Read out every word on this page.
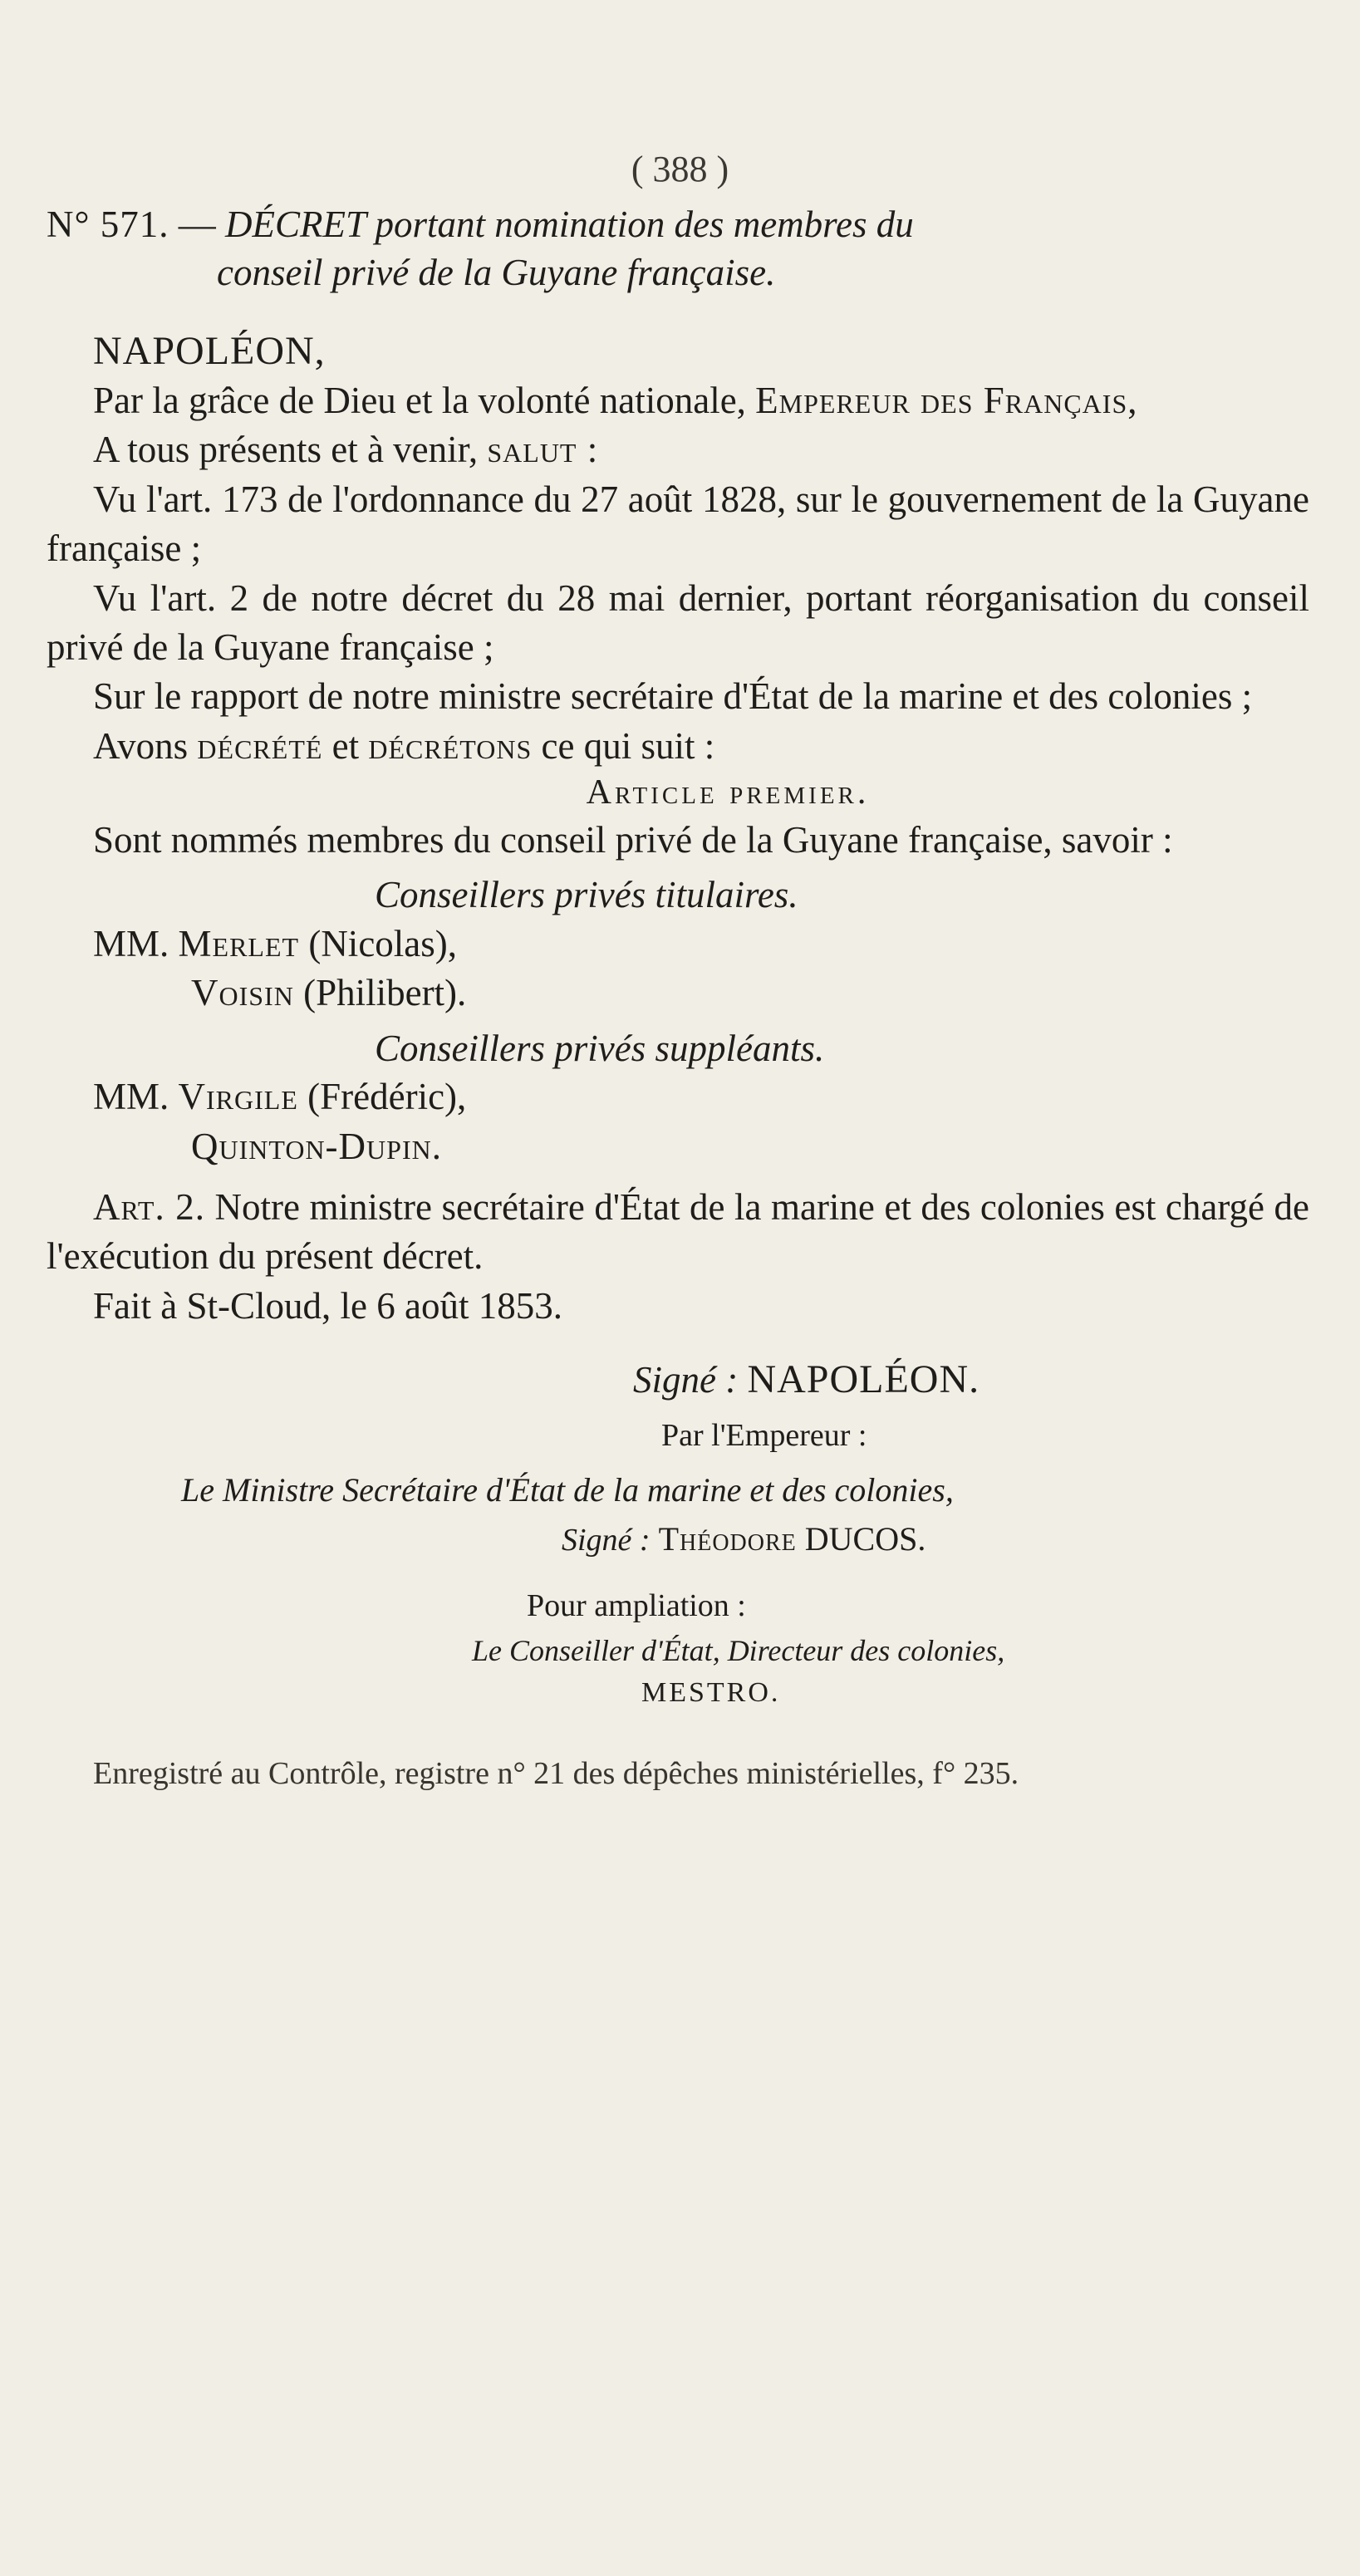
( 388 )
N° 571. — DÉCRET portant nomination des membres du
conseil privé de la Guyane française.
NAPOLÉON,

Par la grâce de Dieu et la volonté nationale, Empereur des Français,

A tous présents et à venir, salut :

Vu l'art. 173 de l'ordonnance du 27 août 1828, sur le gouvernement de la Guyane française ;

Vu l'art. 2 de notre décret du 28 mai dernier, portant réorganisation du conseil privé de la Guyane française ;

Sur le rapport de notre ministre secrétaire d'État de la marine et des colonies ;

Avons décrété et décrétons ce qui suit :

Article premier.

Sont nommés membres du conseil privé de la Guyane française, savoir :

Conseillers privés titulaires.
MM. Merlet (Nicolas),
Voisin (Philibert).
Conseillers privés suppléants.
MM. Virgile (Frédéric),
Quinton-Dupin.

Art. 2. Notre ministre secrétaire d'État de la marine et des colonies est chargé de l'exécution du présent décret.

Fait à St-Cloud, le 6 août 1853.

Signé : NAPOLÉON.
Par l'Empereur :
Le Ministre Secrétaire d'État de la marine et des colonies,
Signé : Théodore DUCOS.
Pour ampliation :
Le Conseiller d'État, Directeur des colonies,
MESTRO.
Enregistré au Contrôle, registre n° 21 des dépêches ministérielles, f° 235.
